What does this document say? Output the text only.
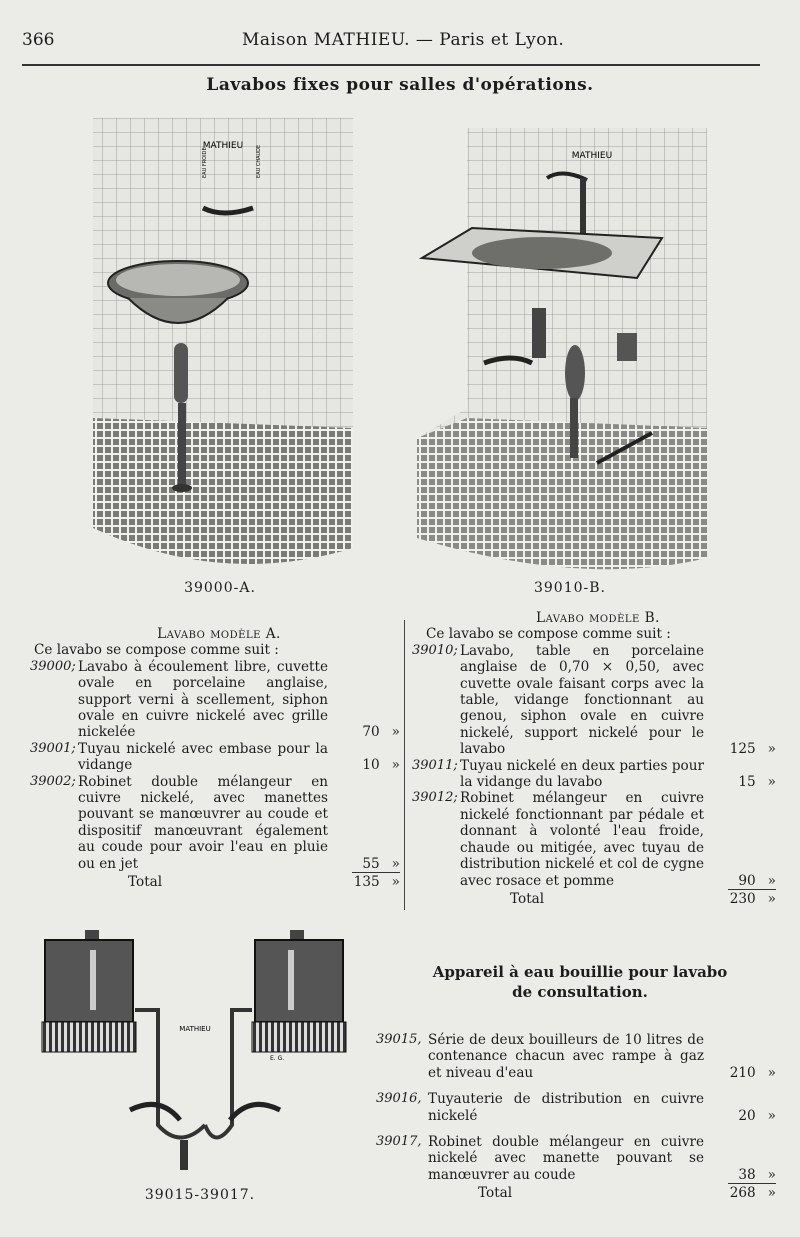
366	Maison MATHIEU. — Paris et Lyon.
Lavabos fixes pour salles d'opérations.
MATHIEU
EAU FROIDE	EAU CHAUDE
39000-A.
MATHIEU
39010-B.
Lavabo modèle A.
Ce lavabo se compose comme suit :
39000; Lavabo à écoulement libre, cuvette ovale en porcelaine anglaise, support verni à scellement, siphon ovale en cuivre nickelé avec grille nickelée	70 »
39001; Tuyau nickelé avec embase pour la vidange	10 »
39002; Robinet double mélangeur en cuivre nickelé, avec manettes pouvant se manœuvrer au coude et dispositif manœuvrant également au coude pour avoir l'eau en pluie ou en jet	55 »
Total	135 »
Lavabo modèle B.
Ce lavabo se compose comme suit :
39010; Lavabo, table en porcelaine anglaise de 0,70 × 0,50, avec cuvette ovale faisant corps avec la table, vidange fonctionnant au genou, siphon ovale en cuivre nickelé, support nickelé pour le lavabo	125 »
39011; Tuyau nickelé en deux parties pour la vidange du lavabo	15 »
39012; Robinet mélangeur en cuivre nickelé fonctionnant par pédale et donnant à volonté l'eau froide, chaude ou mitigée, avec tuyau de distribution nickelé et col de cygne avec rosace et pomme	90 »
Total	230 »
MATHIEU
E. G.
39015-39017.
Appareil à eau bouillie pour lavabo
de consultation.
39015, Série de deux bouilleurs de 10 litres de contenance chacun avec rampe à gaz et niveau d'eau	210 »
39016, Tuyauterie de distribution en cuivre nickelé	20 »
39017, Robinet double mélangeur en cuivre nickelé avec manette pouvant se manœuvrer au coude	38 »
Total	268 »
